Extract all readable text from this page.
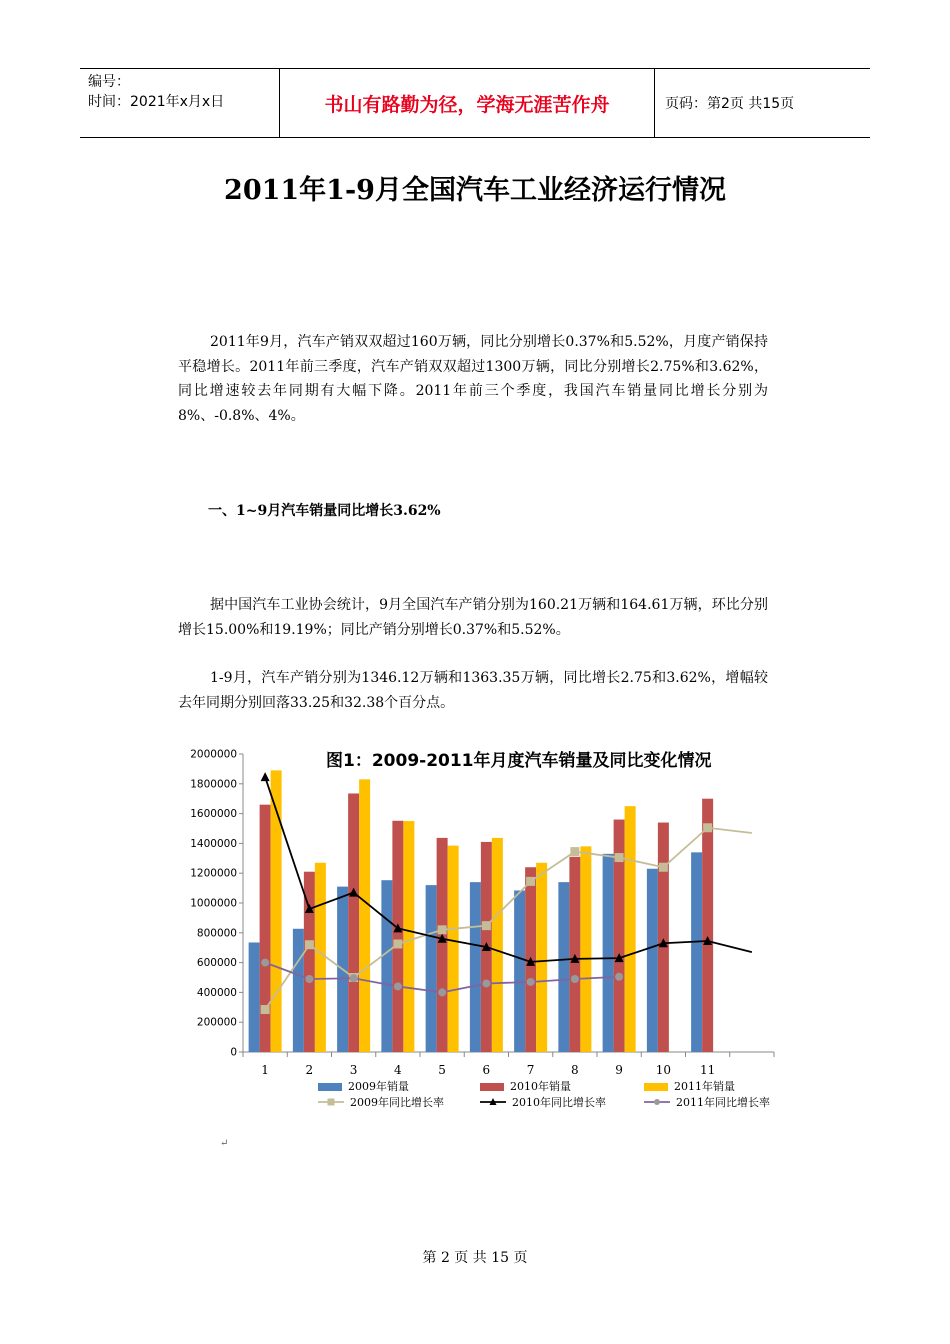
编号：
时间：2021年x月x日	书山有路勤为径，学海无涯苦作舟	页码：第2页 共15页
2011年1-9月全国汽车工业经济运行情况
2011年9月，汽车产销双双超过160万辆，同比分别增长0.37%和5.52%，月度产销保持平稳增长。2011年前三季度，汽车产销双双超过1300万辆，同比分别增长2.75%和3.62%，同比增速较去年同期有大幅下降。2011年前三个季度，我国汽车销量同比增长分别为8%、-0.8%、4%。
一、1~9月汽车销量同比增长3.62%
据中国汽车工业协会统计，9月全国汽车产销分别为160.21万辆和164.61万辆，环比分别增长15.00%和19.19%；同比产销分别增长0.37%和5.52%。
1-9月，汽车产销分别为1346.12万辆和1363.35万辆，同比增长2.75和3.62%，增幅较去年同期分别回落33.25和32.38个百分点。
0
200000
400000
600000
800000
1000000
1200000
1400000
1600000
1800000
2000000
1	2	3	4	5	6	7	8	9	10 11
图1：2009-2011年月度汽车销量及同比变化情况
2009年销量	2010年销量	2011年销量
2009年同比增长率	2010年同比增长率	2011年同比增长率
↵
第 2 页 共 15 页
